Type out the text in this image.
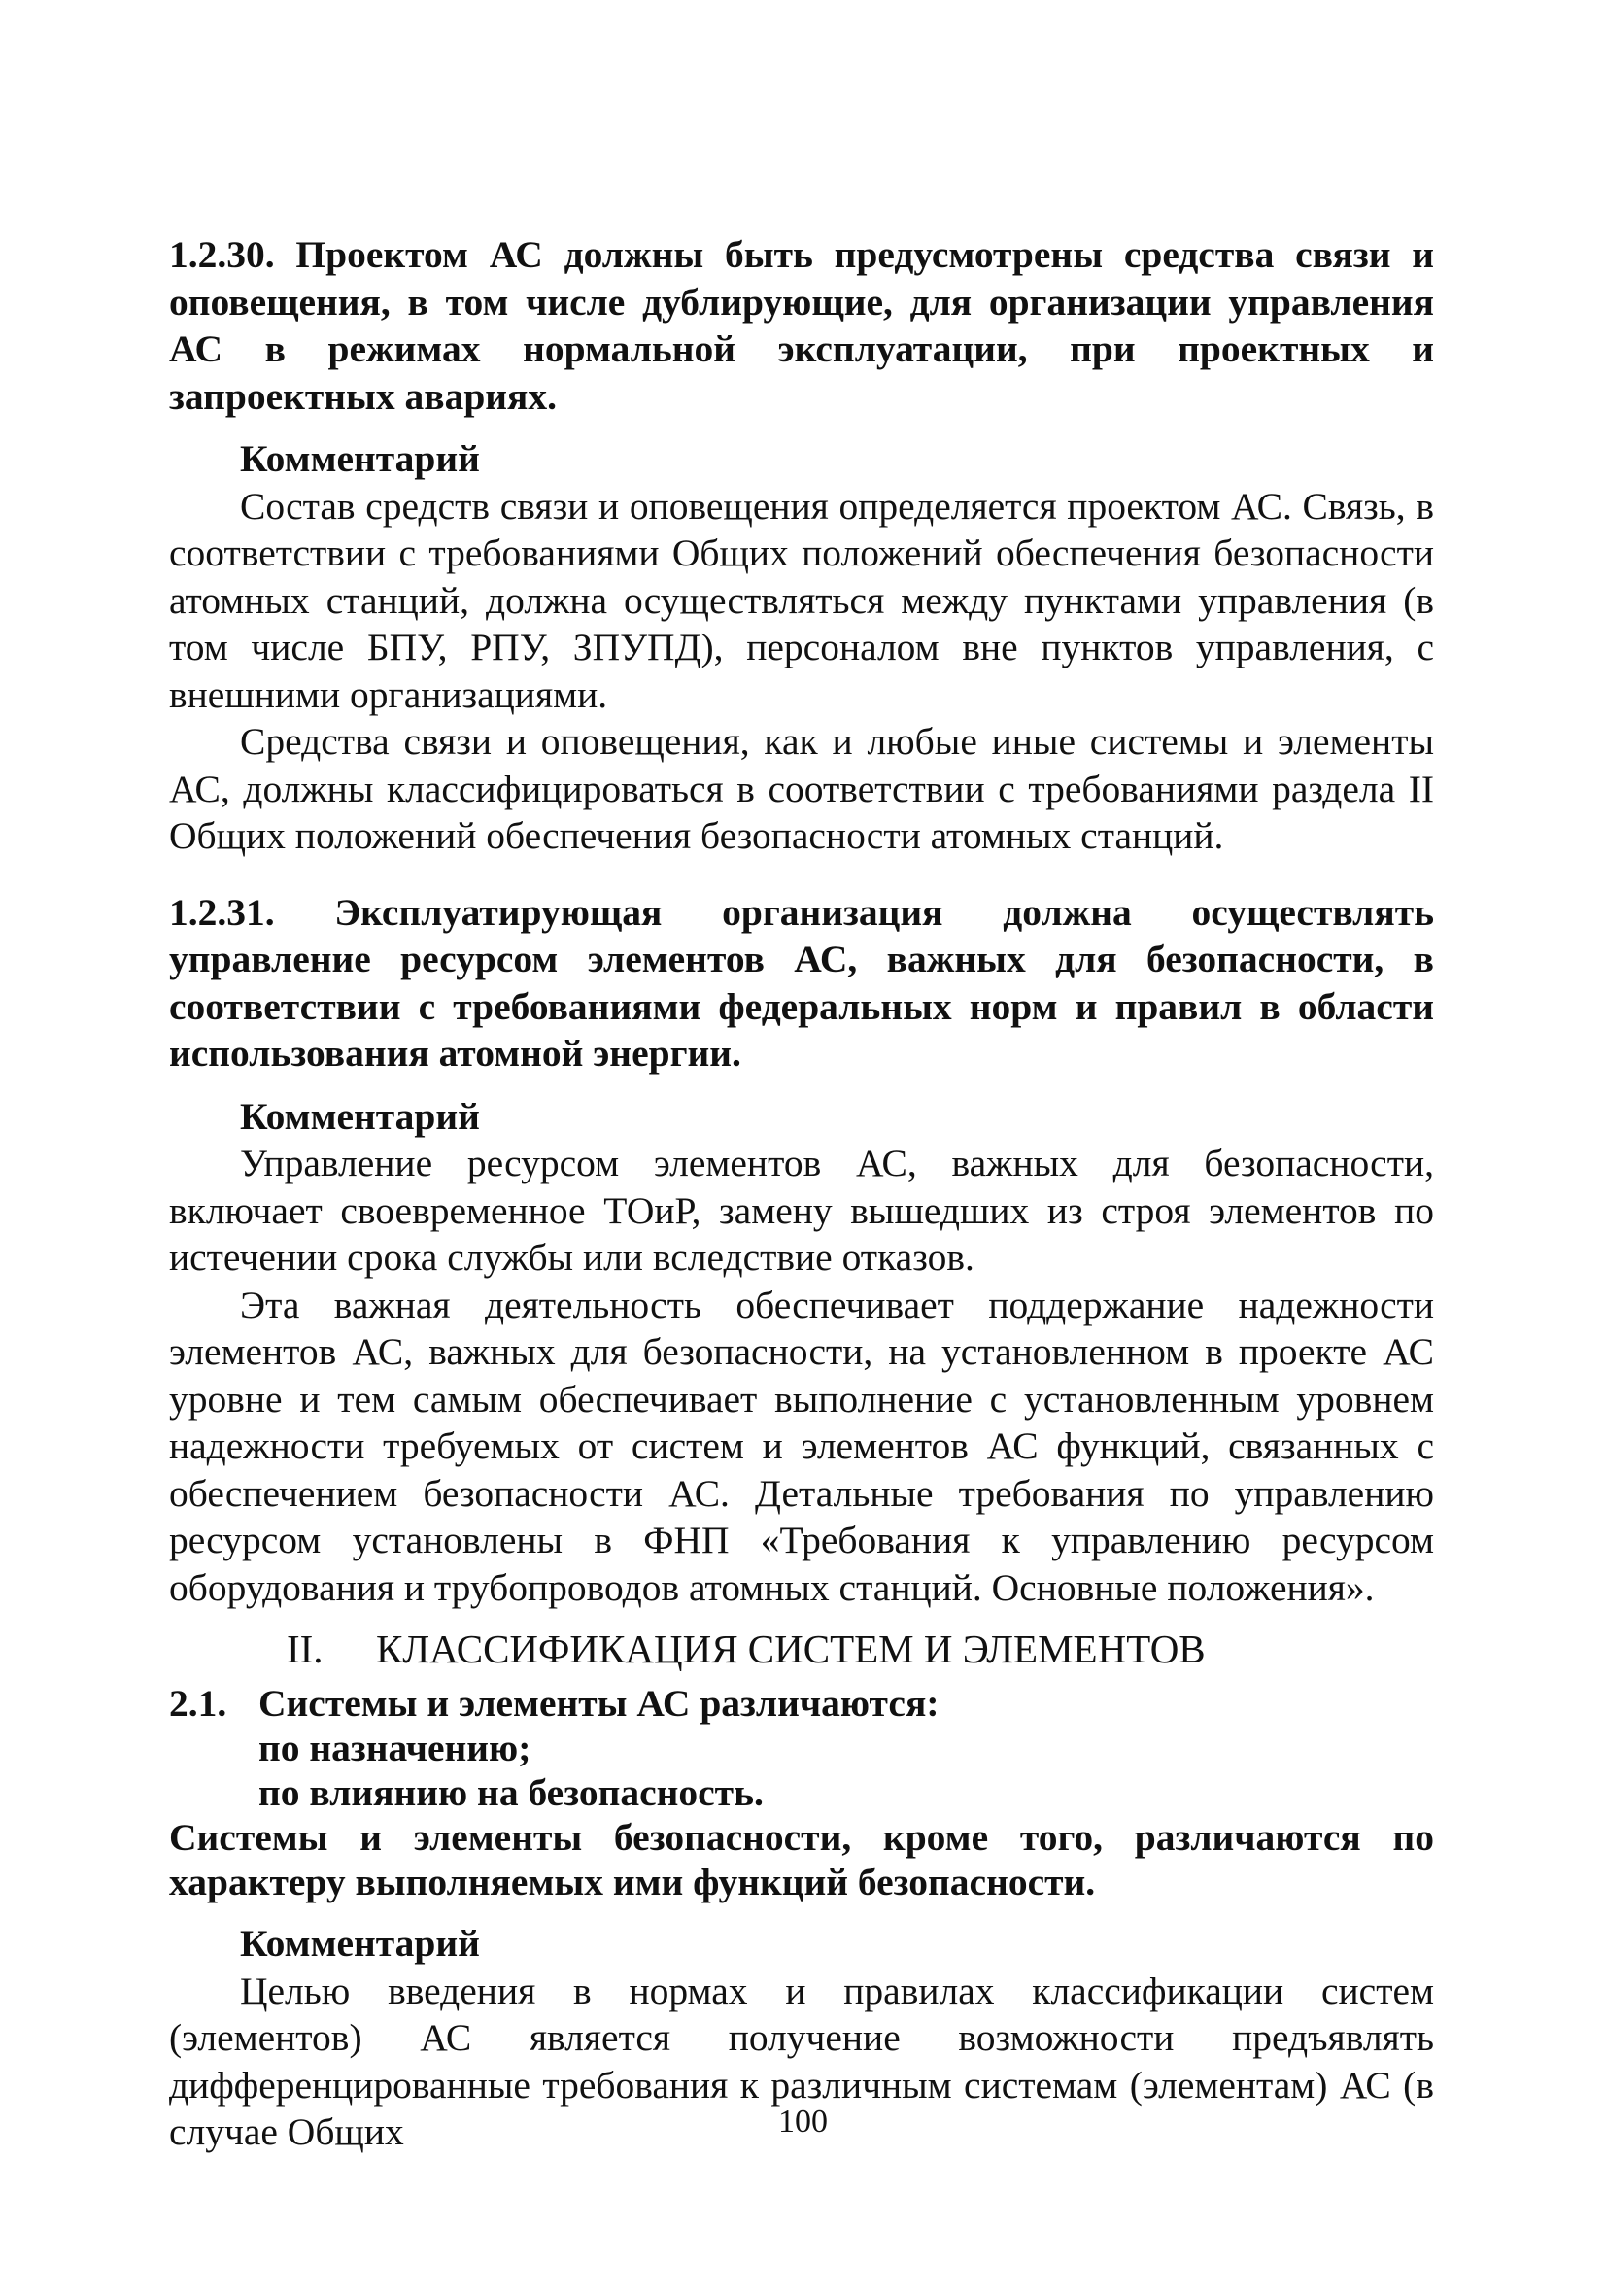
1.2.30. Проектом АС должны быть предусмотрены средства связи и оповещения, в том числе дублирующие, для организации управления АС в режимах нормальной эксплуатации, при проектных и запроектных авариях.

Комментарий

Состав средств связи и оповещения определяется проектом АС. Связь, в соответствии с требованиями Общих положений обеспечения безопасности атомных станций, должна осуществляться между пунктами управления (в том числе БПУ, РПУ, ЗПУПД), персоналом вне пунктов управления, с внешними организациями.

Средства связи и оповещения, как и любые иные системы и элементы АС, должны классифицироваться в соответствии с требованиями раздела II Общих положений обеспечения безопасности атомных станций.

1.2.31. Эксплуатирующая организация должна осуществлять управление ресурсом элементов АС, важных для безопасности, в соответствии с требованиями федеральных норм и правил в области использования атомной энергии.

Комментарий

Управление ресурсом элементов АС, важных для безопасности, включает своевременное ТОиР, замену вышедших из строя элементов по истечении срока службы или вследствие отказов.

Эта важная деятельность обеспечивает поддержание надежности элементов АС, важных для безопасности, на установленном в проекте АС уровне и тем самым обеспечивает выполнение с установленным уровнем надежности требуемых от систем и элементов АС функций, связанных с обеспечением безопасности АС. Детальные требования по управлению ресурсом установлены в ФНП «Требования к управлению ресурсом оборудования и трубопроводов атомных станций. Основные положения».

II. КЛАССИФИКАЦИЯ СИСТЕМ И ЭЛЕМЕНТОВ

2.1. Системы и элементы АС различаются:

по назначению;

по влиянию на безопасность.

Системы и элементы безопасности, кроме того, различаются по характеру выполняемых ими функций безопасности.

Комментарий

Целью введения в нормах и правилах классификации систем (элементов) АС является получение возможности предъявлять дифференцированные требования к различным системам (элементам) АС (в случае Общих	100
